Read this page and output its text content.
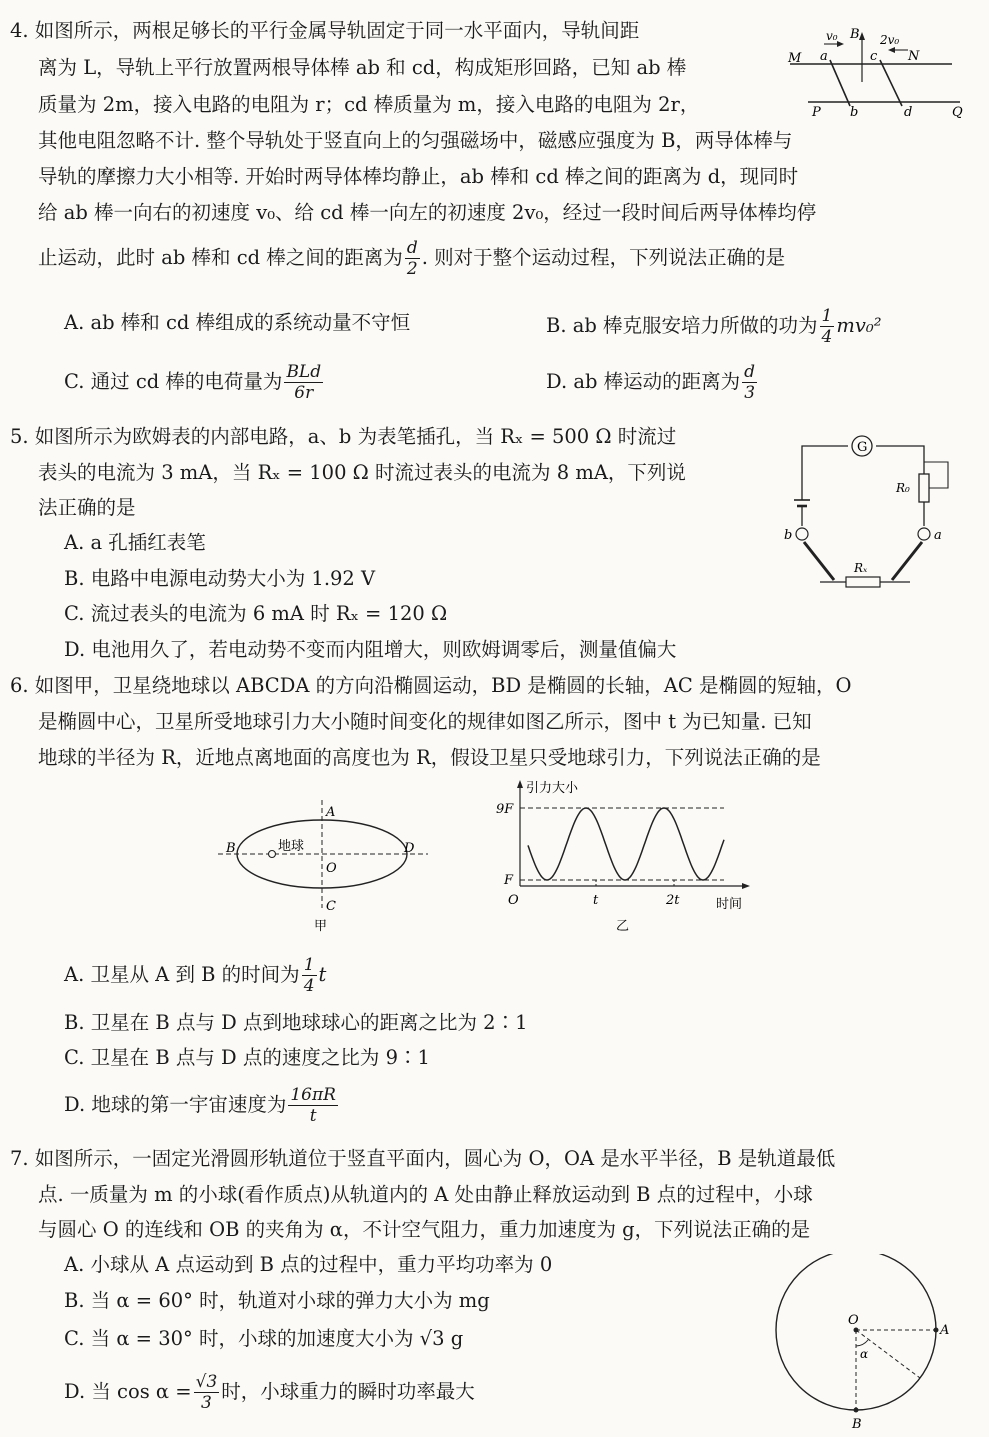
4. 如图所示，两根足够长的平行金属导轨固定于同一水平面内，导轨间距
离为 L，导轨上平行放置两根导体棒 ab 和 cd，构成矩形回路，已知 ab 棒
质量为 2m，接入电路的电阻为 r；cd 棒质量为 m，接入电路的电阻为 2r，
其他电阻忽略不计. 整个导轨处于竖直向上的匀强磁场中，磁感应强度为 B，两导体棒与
导轨的摩擦力大小相等. 开始时两导体棒均静止，ab 棒和 cd 棒之间的距离为 d，现同时
给 ab 棒一向右的初速度 v₀、给 cd 棒一向左的初速度 2v₀，经过一段时间后两导体棒均停
止运动，此时 ab 棒和 cd 棒之间的距离为 $\frac{d}{2}$ . 则对于整个运动过程，下列说法正确的是
A. ab 棒和 cd 棒组成的系统动量不守恒	B. ab 棒克服安培力所做的功为 $\frac{1}{4} mv_0^2$
C. 通过 cd 棒的电荷量为 $\frac{\text{BLd}}{6r}$	D. ab 棒运动的距离为 $\frac{d}{3}$
v₀ B 2v₀
M	N
a	c
P b	d	Q
5. 如图所示为欧姆表的内部电路，a、b 为表笔插孔，当 Rₓ = 500 Ω 时流过
表头的电流为 3 mA，当 Rₓ = 100 Ω 时流过表头的电流为 8 mA，下列说
法正确的是
A. a 孔插红表笔
B. 电路中电源电动势大小为 1.92 V
C. 流过表头的电流为 6 mA 时 Rₓ = 120 Ω
D. 电池用久了，若电动势不变而内阻增大，则欧姆调零后，测量值偏大
G
R₀
b	a
Rₓ
6. 如图甲，卫星绕地球以 ABCDA 的方向沿椭圆运动，BD 是椭圆的长轴，AC 是椭圆的短轴，O
是椭圆中心，卫星所受地球引力大小随时间变化的规律如图乙所示，图中 t 为已知量. 已知
地球的半径为 R，近地点离地面的高度也为 R，假设卫星只受地球引力，下列说法正确的是
A
B
C
D
O
地球
甲
引力大小
9F
F
O	t	2t	时间
乙
A. 卫星从 A 到 B 的时间为 $\frac{1}{4}$ t
B. 卫星在 B 点与 D 点到地球球心的距离之比为 2∶1
C. 卫星在 B 点与 D 点的速度之比为 9∶1
D. 地球的第一宇宙速度为 $\frac{16\pi R}{t}$
7. 如图所示，一固定光滑圆形轨道位于竖直平面内，圆心为 O，OA 是水平半径，B 是轨道最低
点. 一质量为 m 的小球(看作质点)从轨道内的 A 处由静止释放运动到 B 点的过程中，小球
与圆心 O 的连线和 OB 的夹角为 α，不计空气阻力，重力加速度为 g，下列说法正确的是
A. 小球从 A 点运动到 B 点的过程中，重力平均功率为 0
B. 当 α = 60° 时，轨道对小球的弹力大小为 mg
C. 当 α = 30° 时，小球的加速度大小为 √3 g
D. 当 $\cos \alpha = \frac{√3}{3}$ 时，小球重力的瞬时功率最大
O
A
B
α
